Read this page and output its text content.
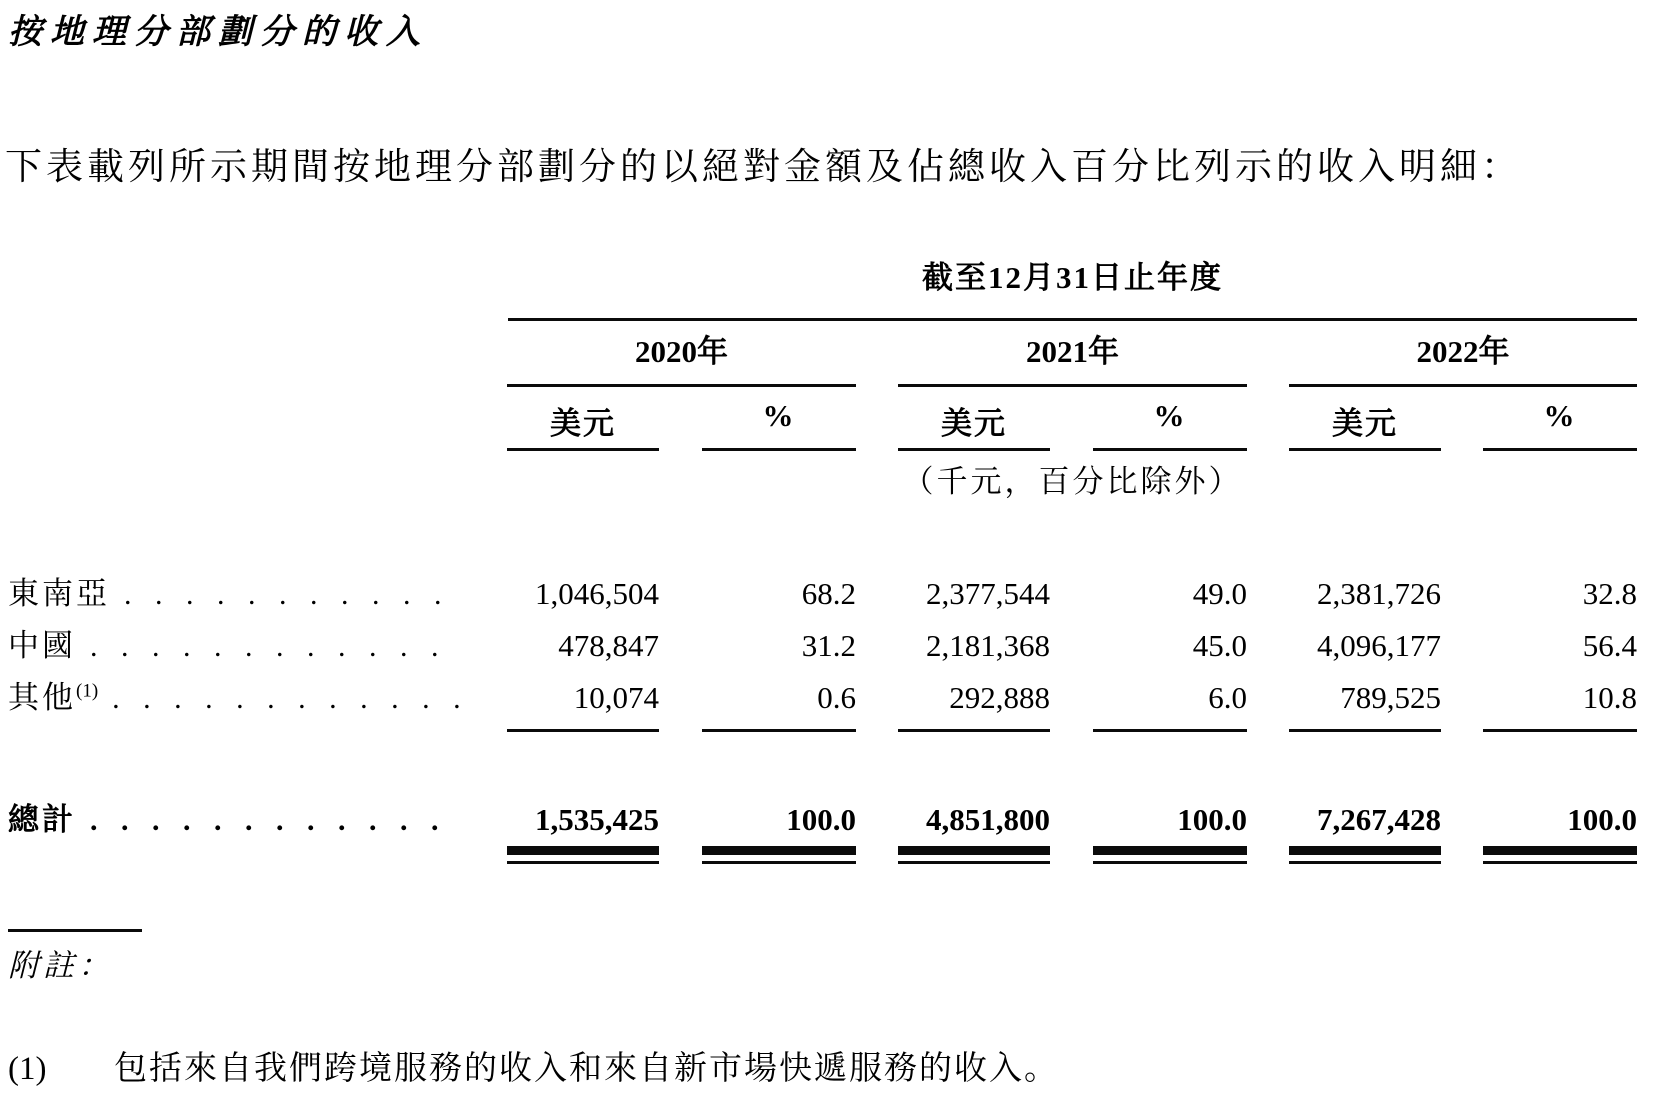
按地理分部劃分的收入
下表載列所示期間按地理分部劃分的以絕對金額及佔總收入百分比列示的收入明細：
截至12月31日止年度
2020年	2021年	2022年
美元	%	美元	%	美元	%
（千元，百分比除外）
東南亞 . . .	1,046,504	68.2	2,377,544	49.0	2,381,726	32.8
中國 . . .	478,847	31.2	2,181,368	45.0	4,096,177	56.4
其他$^{(1)}$ . . .	10,074	0.6	292,888	6.0	789,525	10.8
總計 . . .	1,535,425	100.0	4,851,800	100.0	7,267,428	100.0
附註：
(1) 包括來自我們跨境服務的收入和來自新市場快遞服務的收入。
